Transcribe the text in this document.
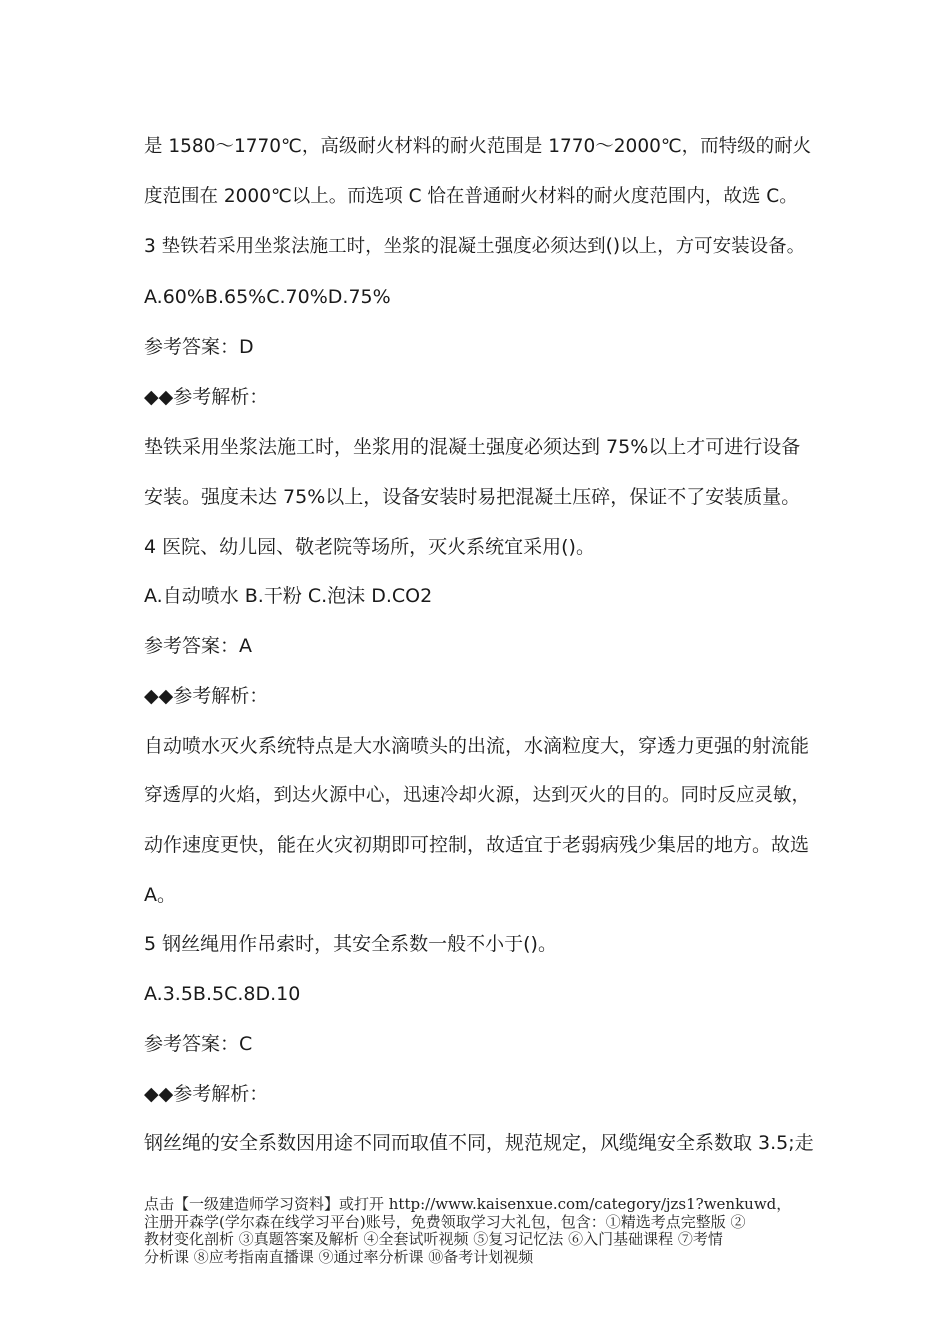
是 1580～1770℃，高级耐火材料的耐火范围是 1770～2000℃，而特级的耐火
度范围在 2000℃以上。而选项 C 恰在普通耐火材料的耐火度范围内，故选 C。
3 垫铁若采用坐浆法施工时，坐浆的混凝土强度必须达到()以上，方可安装设备。
A.60%B.65%C.70%D.75%
参考答案：D
◆◆参考解析：
垫铁采用坐浆法施工时，坐浆用的混凝土强度必须达到 75%以上才可进行设备
安装。强度未达 75%以上，设备安装时易把混凝土压碎，保证不了安装质量。
4 医院、幼儿园、敬老院等场所，灭火系统宜采用()。
A.自动喷水 B.干粉 C.泡沫 D.CO2
参考答案：A
◆◆参考解析：
自动喷水灭火系统特点是大水滴喷头的出流，水滴粒度大，穿透力更强的射流能
穿透厚的火焰，到达火源中心，迅速冷却火源，达到灭火的目的。同时反应灵敏，
动作速度更快，能在火灾初期即可控制，故适宜于老弱病残少集居的地方。故选
A。
5 钢丝绳用作吊索时，其安全系数一般不小于()。
A.3.5B.5C.8D.10
参考答案：C
◆◆参考解析：
钢丝绳的安全系数因用途不同而取值不同，规范规定，风缆绳安全系数取 3.5;走
点击【一级建造师学习资料】或打开 http://www.kaisenxue.com/category/jzs1?wenkuwd，
注册开森学(学尔森在线学习平台)账号，免费领取学习大礼包，包含：①精选考点完整版 ②
教材变化剖析 ③真题答案及解析 ④全套试听视频 ⑤复习记忆法 ⑥入门基础课程 ⑦考情
分析课 ⑧应考指南直播课 ⑨通过率分析课 ⑩备考计划视频
